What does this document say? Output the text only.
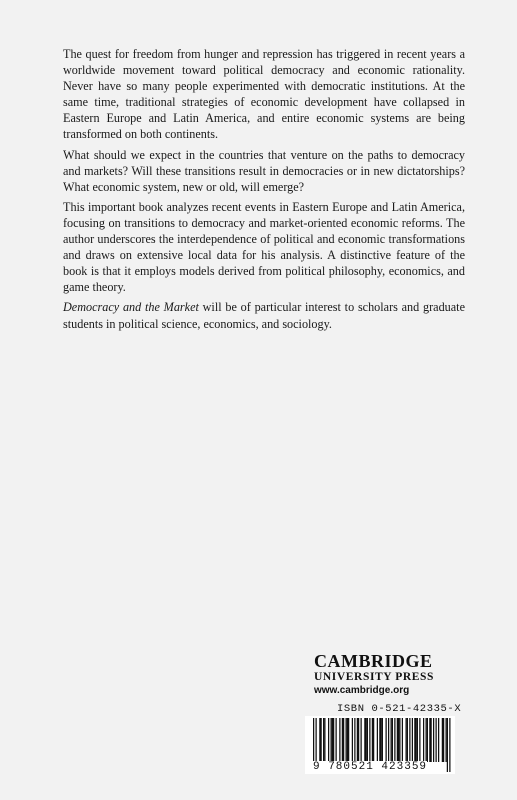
The quest for freedom from hunger and repression has triggered in recent years a worldwide movement toward political democracy and economic rationality. Never have so many people experimented with democratic institutions. At the same time, traditional strategies of economic development have collapsed in Eastern Europe and Latin America, and entire economic systems are being transformed on both continents.

What should we expect in the countries that venture on the paths to democracy and markets? Will these transitions result in democracies or in new dictatorships? What economic system, new or old, will emerge?

This important book analyzes recent events in Eastern Europe and Latin America, focusing on transitions to democracy and market-oriented economic reforms. The author underscores the interdependence of political and economic transformations and draws on extensive local data for his analysis. A distinctive feature of the book is that it employs models derived from political philosophy, economics, and game theory.

Democracy and the Market will be of particular interest to scholars and graduate students in political science, economics, and sociology.

CAMBRIDGE
UNIVERSITY PRESS
www.cambridge.org
ISBN 0-521-42335-X
9 780521 423359
